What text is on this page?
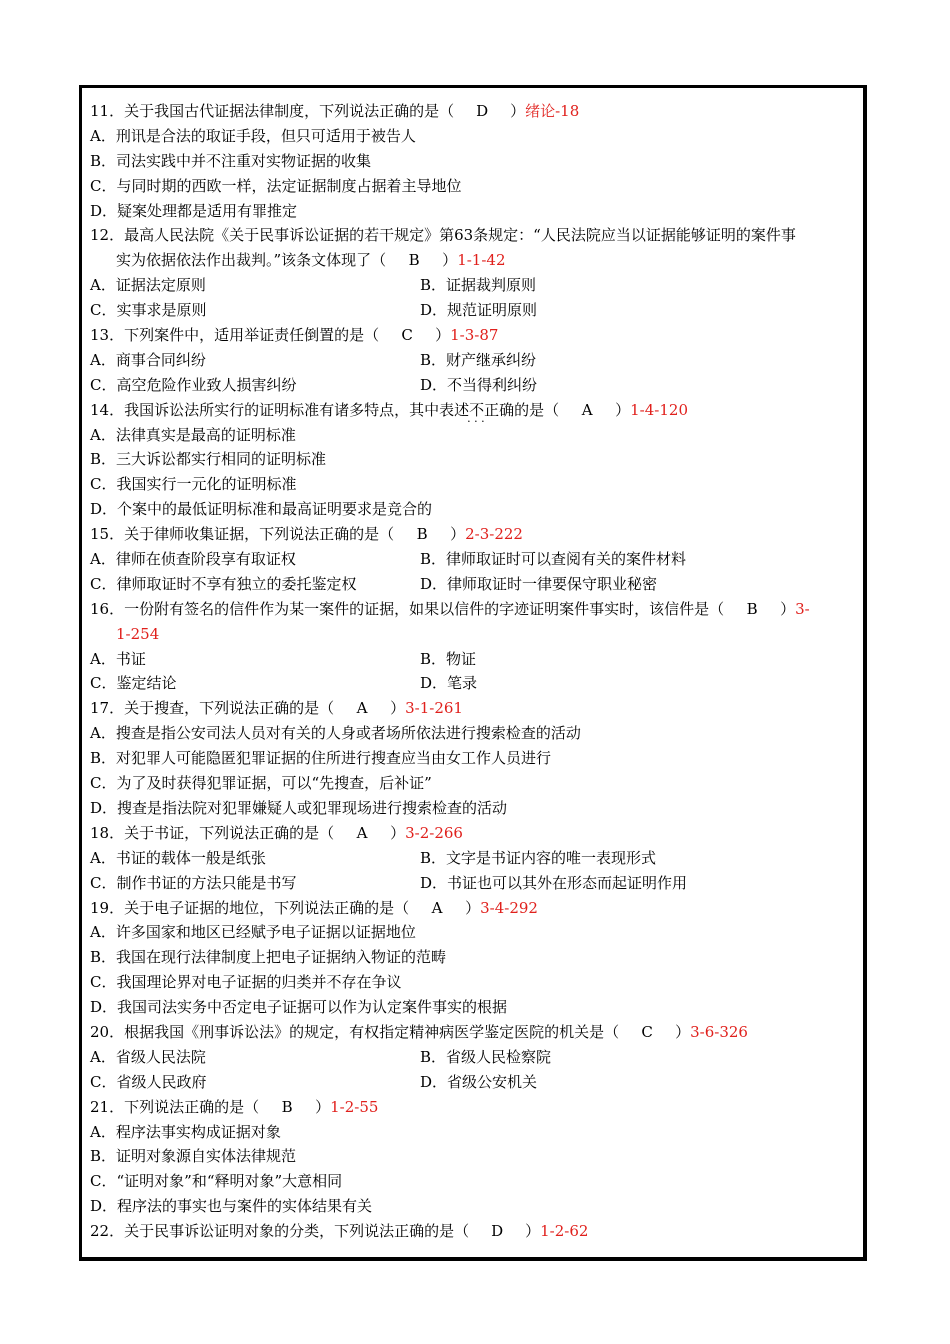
11．关于我国古代证据法律制度，下列说法正确的是（ D ）绪论-18
A．刑讯是合法的取证手段，但只可适用于被告人
B．司法实践中并不注重对实物证据的收集
C．与同时期的西欧一样，法定证据制度占据着主导地位
D．疑案处理都是适用有罪推定
12．最高人民法院《关于民事诉讼证据的若干规定》第63条规定：“人民法院应当以证据能够证明的案件事
实为依据依法作出裁判。”该条文体现了（ B ）1-1-42
A．证据法定原则	B．证据裁判原则
C．实事求是原则	D．规范证明原则
13．下列案件中，适用举证责任倒置的是（ C ）1-3-87
A．商事合同纠纷	B．财产继承纠纷
C．高空危险作业致人损害纠纷	D．不当得利纠纷
14．我国诉讼法所实行的证明标准有诸多特点，其中表述不正确 · · ·的是（ A ）1-4-120
A．法律真实是最高的证明标准
B．三大诉讼都实行相同的证明标准
C．我国实行一元化的证明标准
D．个案中的最低证明标准和最高证明要求是竞合的
15．关于律师收集证据，下列说法正确的是（ B ）2-3-222
A．律师在侦查阶段享有取证权	B．律师取证时可以查阅有关的案件材料
C．律师取证时不享有独立的委托鉴定权	D．律师取证时一律要保守职业秘密
16．一份附有签名的信件作为某一案件的证据，如果以信件的字迹证明案件事实时，该信件是（ B ）3-
1-254
A．书证	B．物证
C．鉴定结论	D．笔录
17．关于搜查，下列说法正确的是（ A ）3-1-261
A．搜查是指公安司法人员对有关的人身或者场所依法进行搜索检查的活动
B．对犯罪人可能隐匿犯罪证据的住所进行搜查应当由女工作人员进行
C．为了及时获得犯罪证据，可以“先搜查，后补证”
D．搜查是指法院对犯罪嫌疑人或犯罪现场进行搜索检查的活动
18．关于书证，下列说法正确的是（ A ）3-2-266
A．书证的载体一般是纸张	B．文字是书证内容的唯一表现形式
C．制作书证的方法只能是书写	D．书证也可以其外在形态而起证明作用
19．关于电子证据的地位，下列说法正确的是（ A ）3-4-292
A．许多国家和地区已经赋予电子证据以证据地位
B．我国在现行法律制度上把电子证据纳入物证的范畴
C．我国理论界对电子证据的归类并不存在争议
D．我国司法实务中否定电子证据可以作为认定案件事实的根据
20．根据我国《刑事诉讼法》的规定，有权指定精神病医学鉴定医院的机关是（ C ）3-6-326
A．省级人民法院	B．省级人民检察院
C．省级人民政府	D．省级公安机关
21．下列说法正确的是（ B ）1-2-55
A．程序法事实构成证据对象
B．证明对象源自实体法律规范
C．“证明对象”和“释明对象”大意相同
D．程序法的事实也与案件的实体结果有关
22．关于民事诉讼证明对象的分类，下列说法正确的是（ D ）1-2-62
